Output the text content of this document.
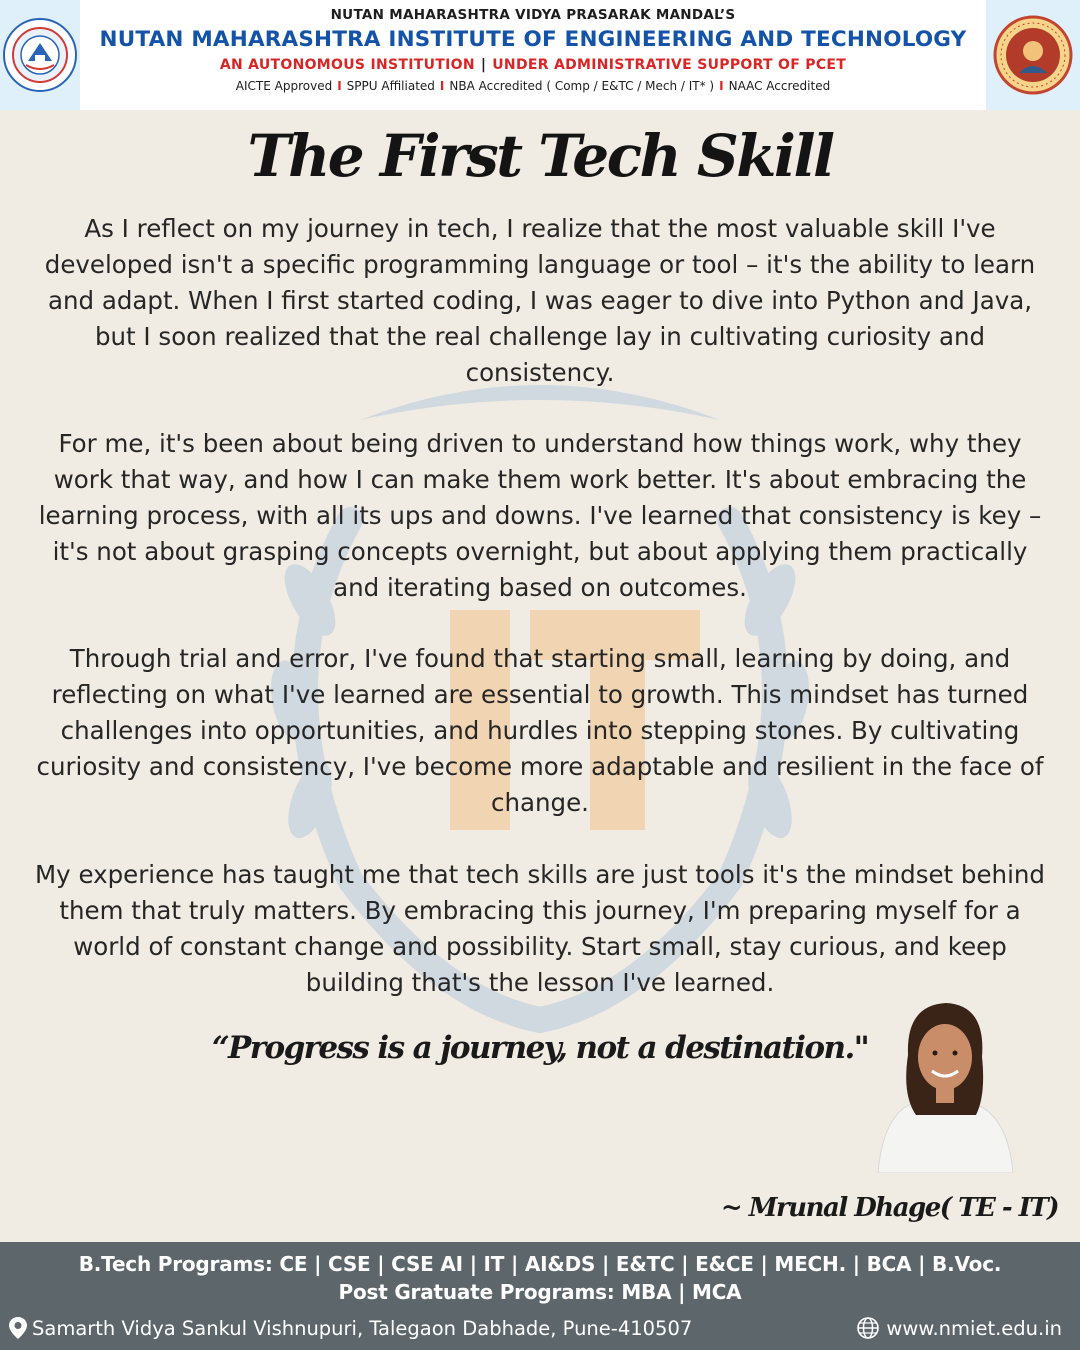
NUTAN MAHARASHTRA VIDYA PRASARAK MANDAL’S
NUTAN MAHARASHTRA INSTITUTE OF ENGINEERING AND TECHNOLOGY
AN AUTONOMOUS INSTITUTION | UNDER ADMINISTRATIVE SUPPORT OF PCET
AICTE Approved I SPPU Affiliated I NBA Accredited ( Comp / E&TC / Mech / IT* ) I NAAC Accredited
The First Tech Skill

As I reflect on my journey in tech, I realize that the most valuable skill I've developed isn't a specific programming language or tool – it's the ability to learn and adapt. When I first started coding, I was eager to dive into Python and Java, but I soon realized that the real challenge lay in cultivating curiosity and consistency.

For me, it's been about being driven to understand how things work, why they work that way, and how I can make them work better. It's about embracing the learning process, with all its ups and downs. I've learned that consistency is key – it's not about grasping concepts overnight, but about applying them practically and iterating based on outcomes.

Through trial and error, I've found that starting small, learning by doing, and reflecting on what I've learned are essential to growth. This mindset has turned challenges into opportunities, and hurdles into stepping stones. By cultivating curiosity and consistency, I've become more adaptable and resilient in the face of change.

My experience has taught me that tech skills are just tools it's the mindset behind them that truly matters. By embracing this journey, I'm preparing myself for a world of constant change and possibility. Start small, stay curious, and keep building that's the lesson I've learned.

“Progress is a journey, not a destination."
~ Mrunal Dhage( TE - IT)
B.Tech Programs: CE | CSE | CSE AI | IT | AI&DS | E&TC | E&CE | MECH. | BCA | B.Voc.
Post Gratuate Programs: MBA | MCA
Samarth Vidya Sankul Vishnupuri, Talegaon Dabhade, Pune-410507	www.nmiet.edu.in
